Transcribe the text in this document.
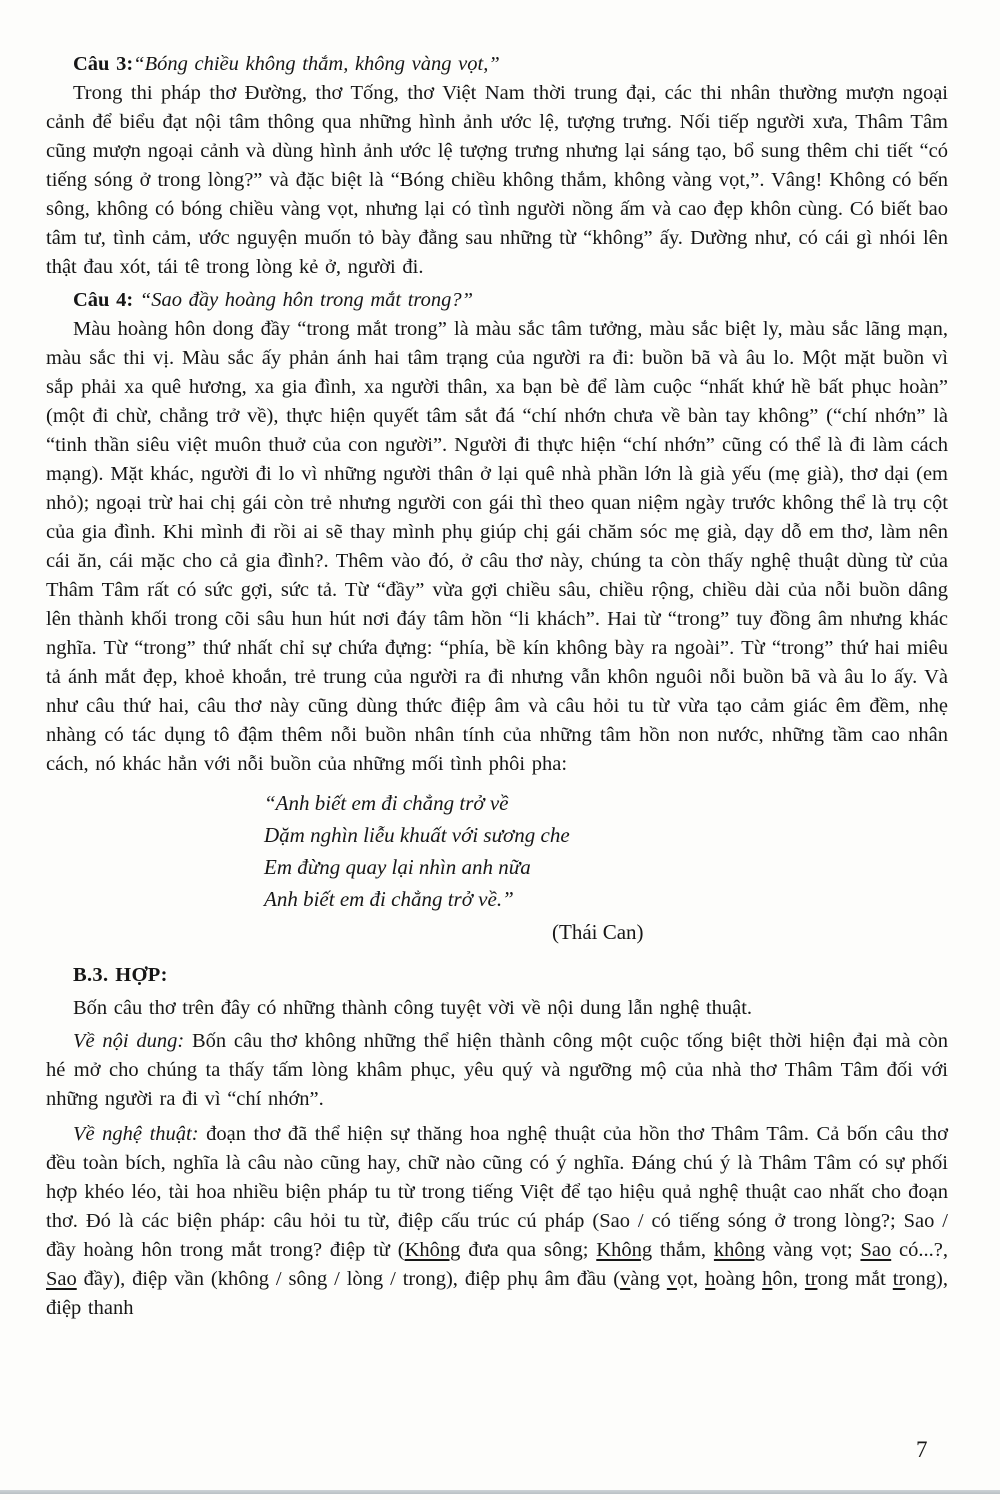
Câu 3:“Bóng chiều không thắm, không vàng vọt,”

Trong thi pháp thơ Đường, thơ Tống, thơ Việt Nam thời trung đại, các thi nhân thường mượn ngoại cảnh để biểu đạt nội tâm thông qua những hình ảnh ước lệ, tượng trưng. Nối tiếp người xưa, Thâm Tâm cũng mượn ngoại cảnh và dùng hình ảnh ước lệ tượng trưng nhưng lại sáng tạo, bổ sung thêm chi tiết “có tiếng sóng ở trong lòng?” và đặc biệt là “Bóng chiều không thắm, không vàng vọt,”. Vâng! Không có bến sông, không có bóng chiều vàng vọt, nhưng lại có tình người nồng ấm và cao đẹp khôn cùng. Có biết bao tâm tư, tình cảm, ước nguyện muốn tỏ bày đằng sau những từ “không” ấy. Dường như, có cái gì nhói lên thật đau xót, tái tê trong lòng kẻ ở, người đi.

Câu 4: “Sao đầy hoàng hôn trong mắt trong?”

Màu hoàng hôn dong đầy “trong mắt trong” là màu sắc tâm tưởng, màu sắc biệt ly, màu sắc lãng mạn, màu sắc thi vị. Màu sắc ấy phản ánh hai tâm trạng của người ra đi: buồn bã và âu lo. Một mặt buồn vì sắp phải xa quê hương, xa gia đình, xa người thân, xa bạn bè để làm cuộc “nhất khứ hề bất phục hoàn” (một đi chừ, chẳng trở về), thực hiện quyết tâm sắt đá “chí nhớn chưa về bàn tay không” (“chí nhớn” là “tinh thần siêu việt muôn thuở của con người”. Người đi thực hiện “chí nhớn” cũng có thể là đi làm cách mạng). Mặt khác, người đi lo vì những người thân ở lại quê nhà phần lớn là già yếu (mẹ già), thơ dại (em nhỏ); ngoại trừ hai chị gái còn trẻ nhưng người con gái thì theo quan niệm ngày trước không thể là trụ cột của gia đình. Khi mình đi rồi ai sẽ thay mình phụ giúp chị gái chăm sóc mẹ già, dạy dỗ em thơ, làm nên cái ăn, cái mặc cho cả gia đình?. Thêm vào đó, ở câu thơ này, chúng ta còn thấy nghệ thuật dùng từ của Thâm Tâm rất có sức gợi, sức tả. Từ “đầy” vừa gợi chiều sâu, chiều rộng, chiều dài của nỗi buồn dâng lên thành khối trong cõi sâu hun hút nơi đáy tâm hồn “li khách”. Hai từ “trong” tuy đồng âm nhưng khác nghĩa. Từ “trong” thứ nhất chỉ sự chứa đựng: “phía, bề kín không bày ra ngoài”. Từ “trong” thứ hai miêu tả ánh mắt đẹp, khoẻ khoắn, trẻ trung của người ra đi nhưng vẫn khôn nguôi nỗi buồn bã và âu lo ấy. Và như câu thứ hai, câu thơ này cũng dùng thức điệp âm và câu hỏi tu từ vừa tạo cảm giác êm đềm, nhẹ nhàng có tác dụng tô đậm thêm nỗi buồn nhân tính của những tâm hồn non nước, những tầm cao nhân cách, nó khác hẳn với nỗi buồn của những mối tình phôi pha:

“Anh biết em đi chẳng trở về

Dặm nghìn liễu khuất với sương che

Em đừng quay lại nhìn anh nữa

Anh biết em đi chẳng trở về.”

(Thái Can)

B.3. HỢP:

Bốn câu thơ trên đây có những thành công tuyệt vời về nội dung lẫn nghệ thuật.

Về nội dung: Bốn câu thơ không những thể hiện thành công một cuộc tống biệt thời hiện đại mà còn hé mở cho chúng ta thấy tấm lòng khâm phục, yêu quý và ngưỡng mộ của nhà thơ Thâm Tâm đối với những người ra đi vì “chí nhớn”.

Về nghệ thuật: đoạn thơ đã thể hiện sự thăng hoa nghệ thuật của hồn thơ Thâm Tâm. Cả bốn câu thơ đều toàn bích, nghĩa là câu nào cũng hay, chữ nào cũng có ý nghĩa. Đáng chú ý là Thâm Tâm có sự phối hợp khéo léo, tài hoa nhiều biện pháp tu từ trong tiếng Việt để tạo hiệu quả nghệ thuật cao nhất cho đoạn thơ. Đó là các biện pháp: câu hỏi tu từ, điệp cấu trúc cú pháp (Sao / có tiếng sóng ở trong lòng?; Sao / đầy hoàng hôn trong mắt trong? điệp từ (Không đưa qua sông; Không thắm, không vàng vọt; Sao có...?, Sao đầy), điệp vần (không / sông / lòng / trong), điệp phụ âm đầu (vàng vọt, hoàng hôn, trong mắt trong), điệp thanh

7
